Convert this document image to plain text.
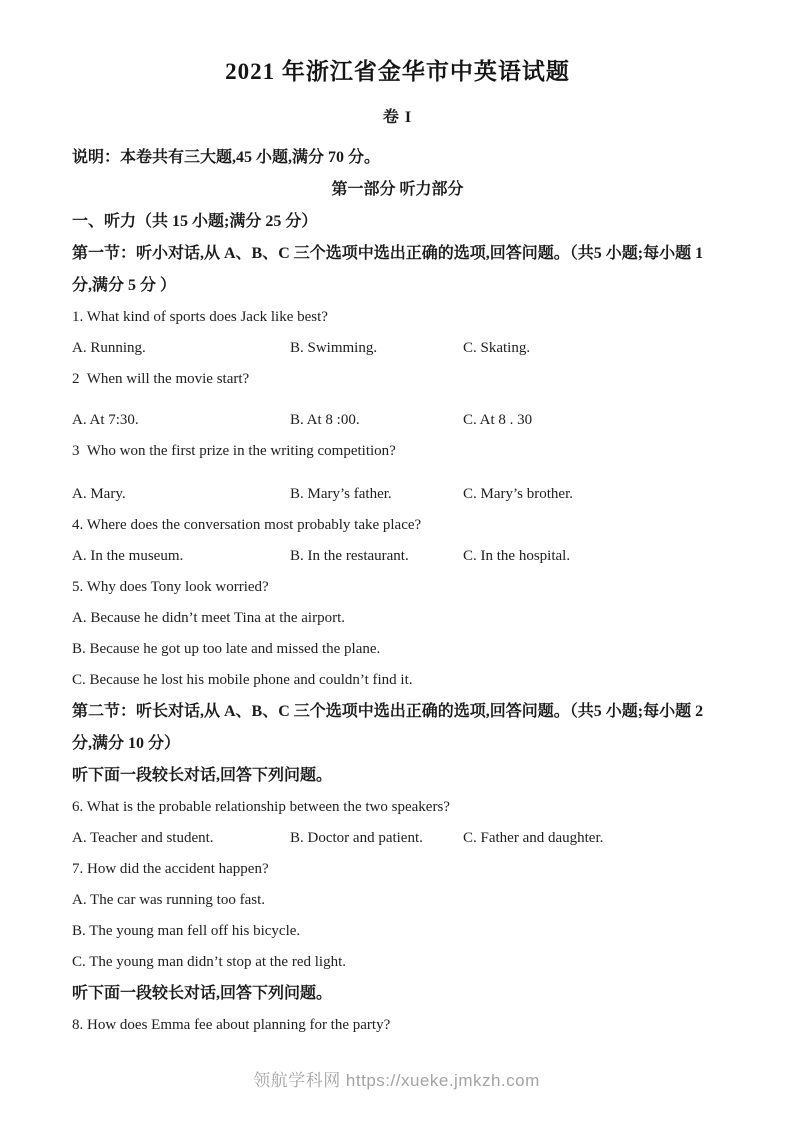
2021 年浙江省金华市中英语试题

卷 I

说明：本卷共有三大题,45 小题,满分 70 分。

第一部分 听力部分

一、听力（共 15 小题;满分 25 分）

第一节：听小对话,从 A、B、C 三个选项中选出正确的选项,回答问题。（共5 小题;每小题 1 分,满分 5 分 ）

1. What kind of sports does Jack like best?

A. Running.	B. Swimming.	C. Skating.

2  When will the movie start?

A. At 7:30.	B. At 8 :00.	C. At 8 . 30

3  Who won the first prize in the writing competition?

A. Mary.	B. Mary’s father.	C. Mary’s brother.

4. Where does the conversation most probably take place?

A. In the museum.	B. In the restaurant.	C. In the hospital.

5. Why does Tony look worried?

A. Because he didn’t meet Tina at the airport.

B. Because he got up too late and missed the plane.

C. Because he lost his mobile phone and couldn’t find it.

第二节：听长对话,从 A、B、C 三个选项中选出正确的选项,回答问题。（共5 小题;每小题 2 分,满分 10 分）

听下面一段较长对话,回答下列问题。

6. What is the probable relationship between the two speakers?

A. Teacher and student.	B. Doctor and patient.	C. Father and daughter.

7. How did the accident happen?

A. The car was running too fast.

B. The young man fell off his bicycle.

C. The young man didn’t stop at the red light.

听下面一段较长对话,回答下列问题。

8. How does Emma fee about planning for the party?

领航学科网 https://xueke.jmkzh.com
